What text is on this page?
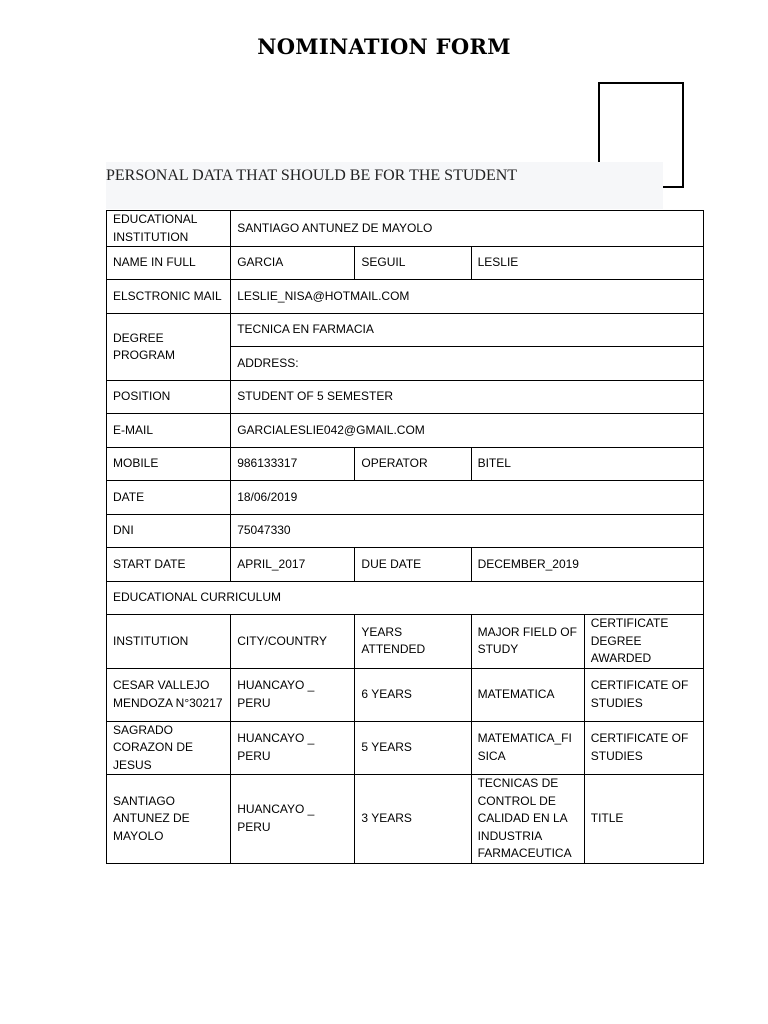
NOMINATION FORM
PERSONAL DATA THAT SHOULD BE FOR THE STUDENT
EDUCATIONAL INSTITUTION	SANTIAGO ANTUNEZ DE MAYOLO			
NAME IN FULL	GARCIA	SEGUIL	LESLIE	
ELSCTRONIC MAIL	LESLIE_NISA@HOTMAIL.COM			
DEGREE PROGRAM	TECNICA EN FARMACIA			
	ADDRESS:			
POSITION	STUDENT OF 5 SEMESTER			
E-MAIL	GARCIALESLIE042@GMAIL.COM			
MOBILE	986133317	OPERATOR	BITEL	
DATE	18/06/2019			
DNI	75047330			
START DATE	APRIL_2017	DUE DATE	DECEMBER_2019	
EDUCATIONAL CURRICULUM				
INSTITUTION	CITY/COUNTRY	YEARS ATTENDED	MAJOR FIELD OF STUDY	CERTIFICATE DEGREE AWARDED
CESAR VALLEJO MENDOZA N°30217	HUANCAYO _ PERU	6 YEARS	MATEMATICA	CERTIFICATE OF STUDIES
SAGRADO CORAZON DE JESUS	HUANCAYO _ PERU	5 YEARS	MATEMATICA_FISICA	CERTIFICATE OF STUDIES
SANTIAGO ANTUNEZ DE MAYOLO	HUANCAYO _ PERU	3 YEARS	TECNICAS DE CONTROL DE CALIDAD EN LA INDUSTRIA FARMACEUTICA	TITLE
